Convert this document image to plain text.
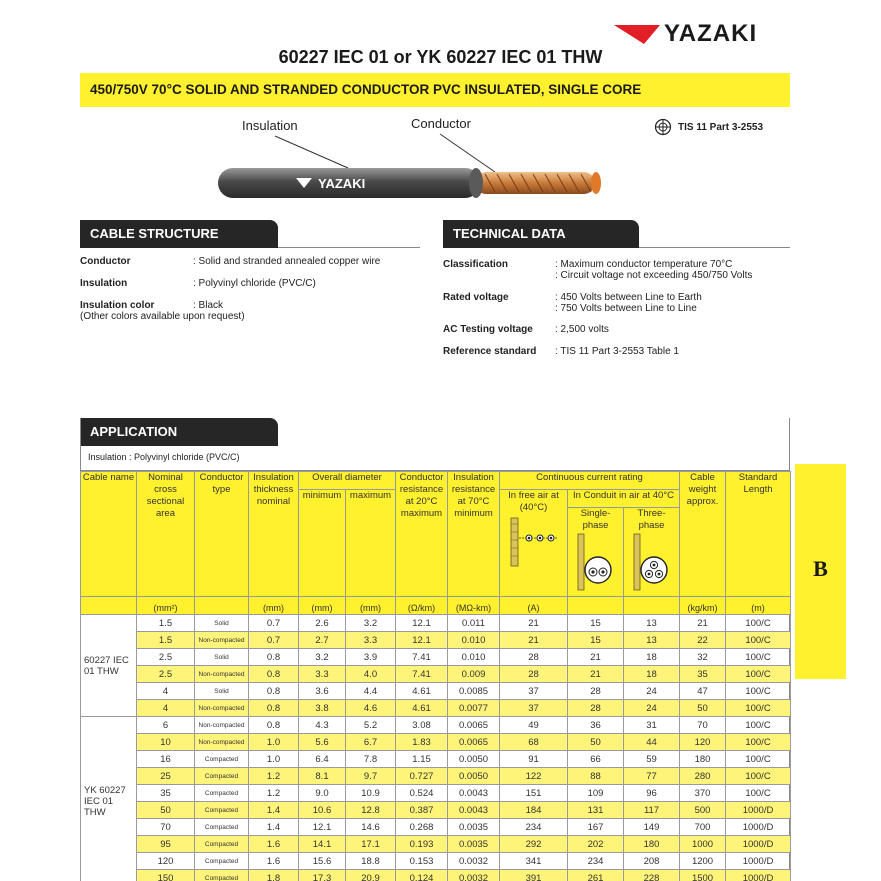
YAZAKI
60227 IEC 01 or YK 60227 IEC 01 THW
450/750V 70°C SOLID AND STRANDED CONDUCTOR PVC INSULATED, SINGLE CORE
Insulation	Conductor
YAZAKI
TIS 11 Part 3-2553
CABLE STRUCTURE
Conductor	: Solid and stranded annealed copper wire
Insulation	: Polyvinyl chloride (PVC/C)
Insulation color	: Black
(Other colors available upon request)
TECHNICAL DATA
Classification	: Maximum conductor temperature 70°C
: Circuit voltage not exceeding 450/750 Volts
Rated voltage	: 450 Volts between Line to Earth
: 750 Volts between Line to Line
AC Testing voltage : 2,500 volts
Reference standard : TIS 11 Part 3-2553 Table 1
APPLICATION
Insulation : Polyvinyl chloride (PVC/C)
Cable name	Nominal cross sectional area	Conductor type	Insulation thickness nominal	Overall diameter		Conductor resistance at 20°C maximum	Insulation resistance at 70°C minimum	Continuous current rating			Cable weight approx.	Standard Length
				minimum	maximum			In free air at (40°C)	In Conduit in air at 40°C			

									Single-phase	Three-phase		

	(mm²)		(mm)	(mm)	(mm)	(Ω/km)	(MΩ-km)	(A)			(kg/km)	(m)
60227 IEC 01 THW	1.5	Solid	0.7	2.6	3.2	12.1	0.011	21	15	13	21	100/C
	1.5	Non-compacted	0.7	2.7	3.3	12.1	0.010	21	15	13	22	100/C
	2.5	Solid	0.8	3.2	3.9	7.41	0.010	28	21	18	32	100/C
	2.5	Non-compacted	0.8	3.3	4.0	7.41	0.009	28	21	18	35	100/C
	4	Solid	0.8	3.6	4.4	4.61	0.0085	37	28	24	47	100/C
	4	Non-compacted	0.8	3.8	4.6	4.61	0.0077	37	28	24	50	100/C
YK 60227 IEC 01 THW	6	Non-compacted	0.8	4.3	5.2	3.08	0.0065	49	36	31	70	100/C
	10	Non-compacted	1.0	5.6	6.7	1.83	0.0065	68	50	44	120	100/C
	16	Compacted	1.0	6.4	7.8	1.15	0.0050	91	66	59	180	100/C
	25	Compacted	1.2	8.1	9.7	0.727	0.0050	122	88	77	280	100/C
	35	Compacted	1.2	9.0	10.9	0.524	0.0043	151	109	96	370	100/C
	50	Compacted	1.4	10.6	12.8	0.387	0.0043	184	131	117	500	1000/D
	70	Compacted	1.4	12.1	14.6	0.268	0.0035	234	167	149	700	1000/D
	95	Compacted	1.6	14.1	17.1	0.193	0.0035	292	202	180	1000	1000/D
	120	Compacted	1.6	15.6	18.8	0.153	0.0032	341	234	208	1200	1000/D
	150	Compacted	1.8	17.3	20.9	0.124	0.0032	391	261	228	1500	1000/D
B
